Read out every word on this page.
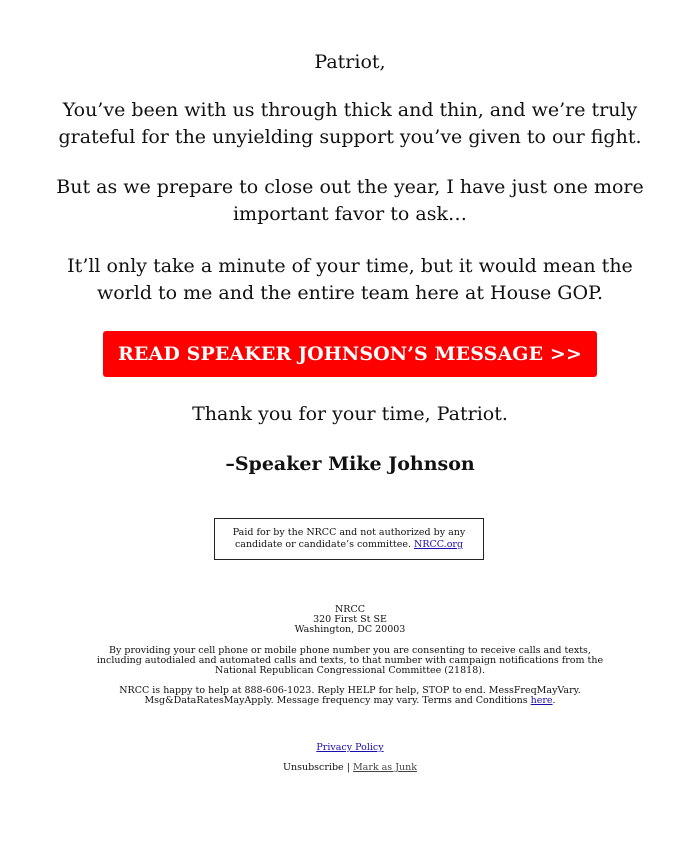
Patriot,
You’ve been with us through thick and thin, and we’re truly grateful for the unyielding support you’ve given to our fight.
But as we prepare to close out the year, I have just one more important favor to ask…
It’ll only take a minute of your time, but it would mean the world to me and the entire team here at House GOP.
READ SPEAKER JOHNSON’S MESSAGE >>
Thank you for your time, Patriot.
–Speaker Mike Johnson
Paid for by the NRCC and not authorized by any candidate or candidate’s committee. NRCC.org
NRCC
320 First St SE
Washington, DC 20003
By providing your cell phone or mobile phone number you are consenting to receive calls and texts, including autodialed and automated calls and texts, to that number with campaign notifications from the National Republican Congressional Committee (21818).
NRCC is happy to help at 888-606-1023. Reply HELP for help, STOP to end. MessFreqMayVary. Msg&DataRatesMayApply. Message frequency may vary. Terms and Conditions here.
Privacy Policy
Unsubscribe | Mark as Junk
